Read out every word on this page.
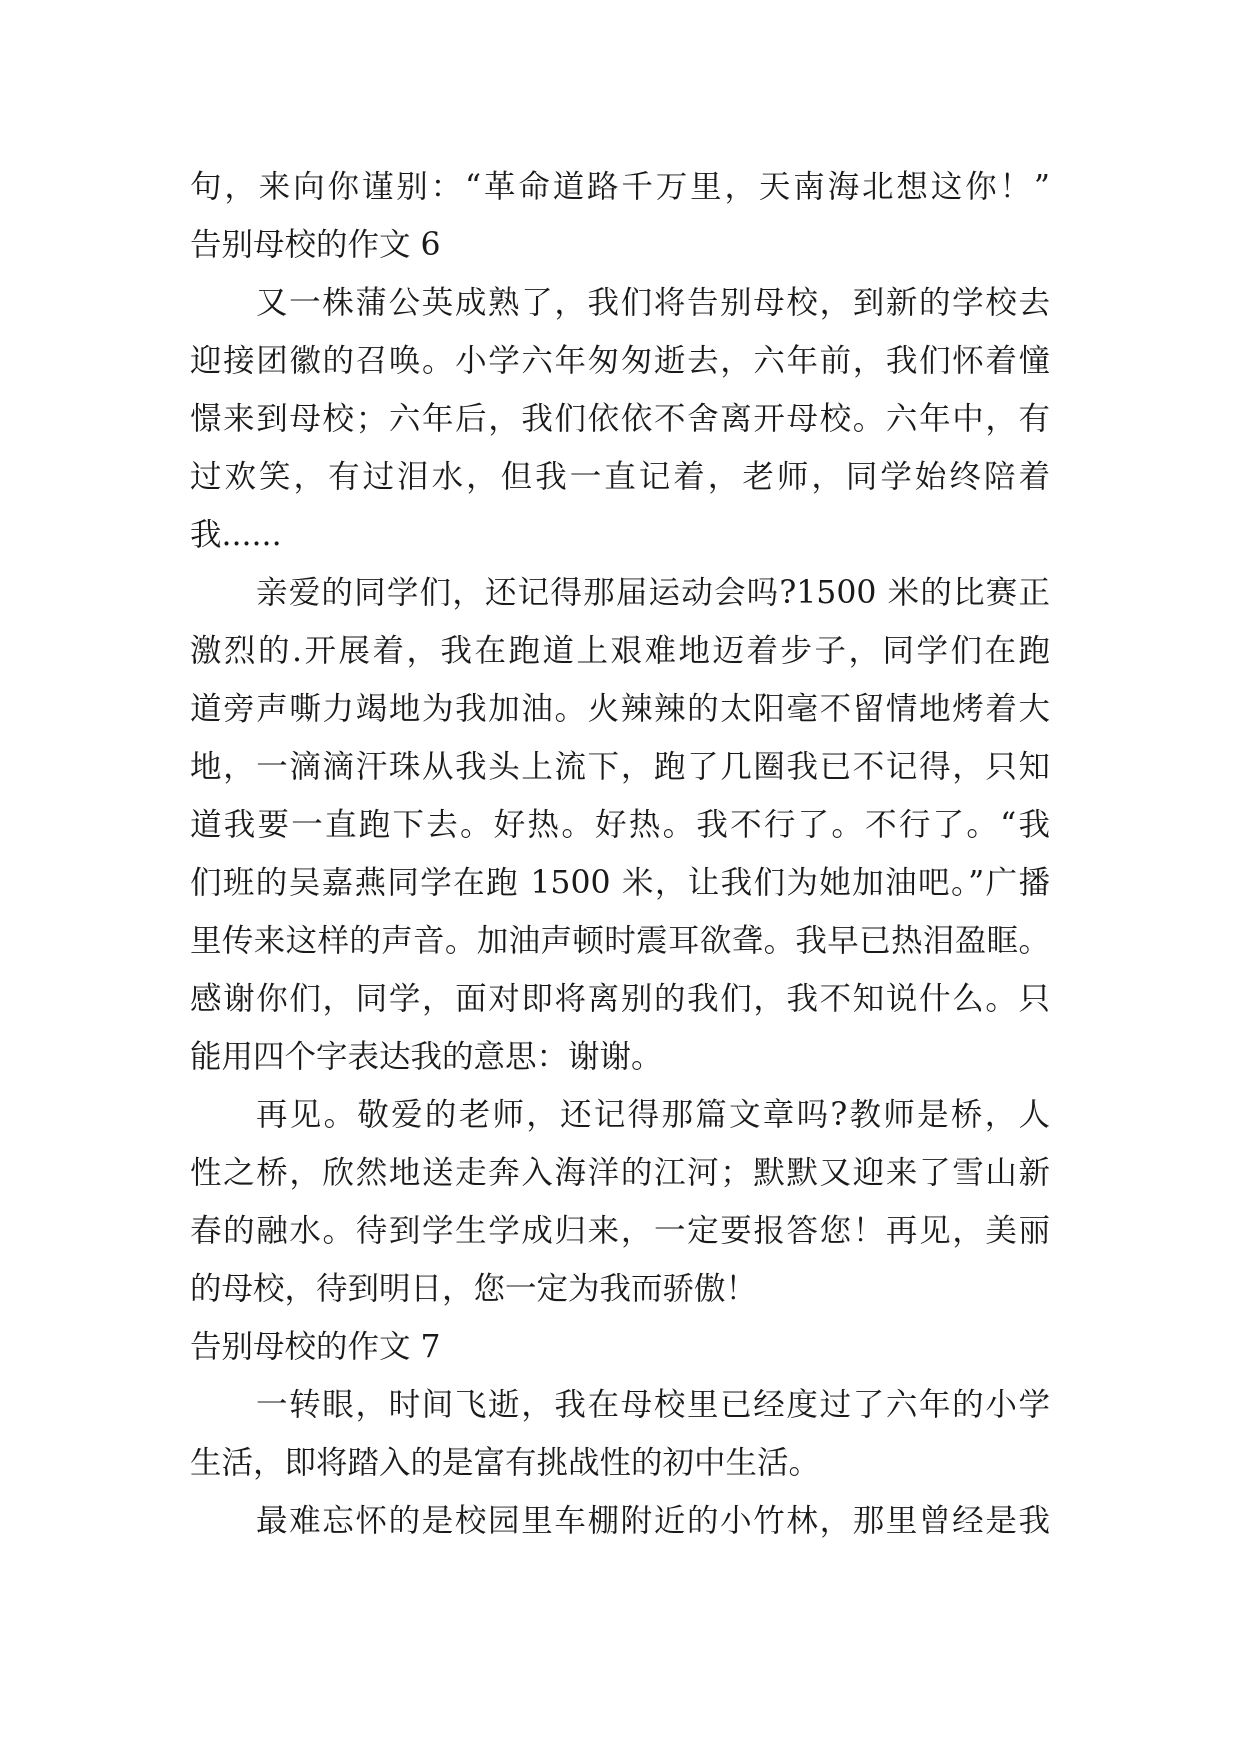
句，来向你谨别：“革命道路千万里，天南海北想这你！”
告别母校的作文 6
又一株蒲公英成熟了，我们将告别母校，到新的学校去
迎接团徽的召唤。小学六年匆匆逝去，六年前，我们怀着憧
憬来到母校；六年后，我们依依不舍离开母校。六年中，有
过欢笑，有过泪水，但我一直记着，老师，同学始终陪着
我......
亲爱的同学们，还记得那届运动会吗?1500 米的比赛正
激烈的.开展着，我在跑道上艰难地迈着步子，同学们在跑
道旁声嘶力竭地为我加油。火辣辣的太阳毫不留情地烤着大
地，一滴滴汗珠从我头上流下，跑了几圈我已不记得，只知
道我要一直跑下去。好热。好热。我不行了。不行了。“我
们班的吴嘉燕同学在跑 1500 米，让我们为她加油吧。”广播
里传来这样的声音。加油声顿时震耳欲聋。我早已热泪盈眶。
感谢你们，同学，面对即将离别的我们，我不知说什么。只
能用四个字表达我的意思：谢谢。
再见。敬爱的老师，还记得那篇文章吗?教师是桥，人
性之桥，欣然地送走奔入海洋的江河；默默又迎来了雪山新
春的融水。待到学生学成归来，一定要报答您！再见，美丽
的母校，待到明日，您一定为我而骄傲！
告别母校的作文 7
一转眼，时间飞逝，我在母校里已经度过了六年的小学
生活，即将踏入的是富有挑战性的初中生活。
最难忘怀的是校园里车棚附近的小竹林，那里曾经是我
